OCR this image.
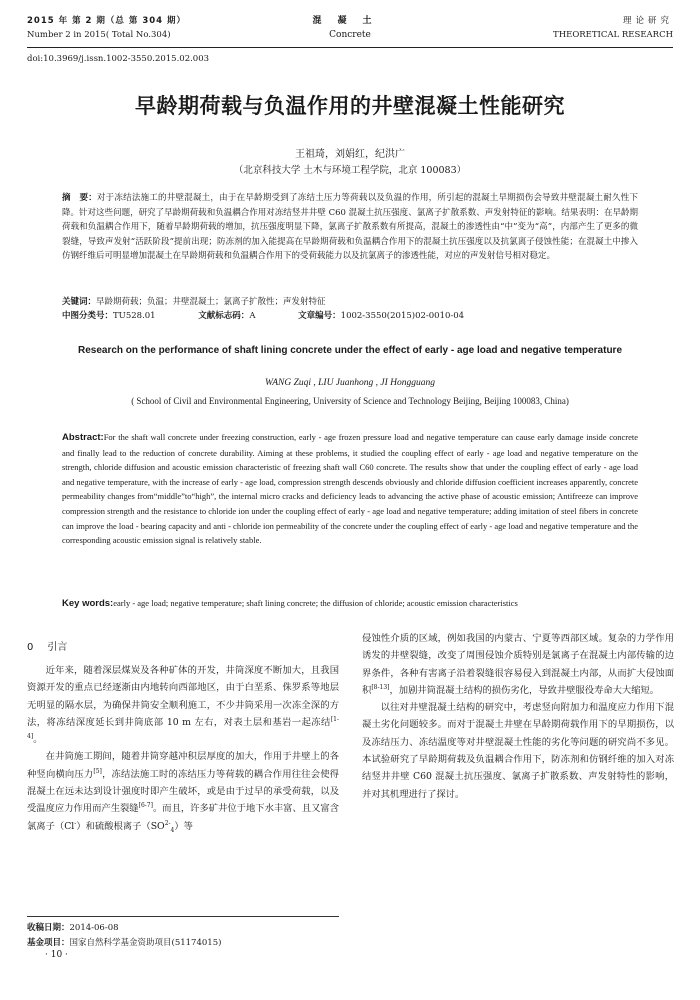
2015 年 第 2 期（总 第 304 期）
Number 2 in 2015( Total No.304)
混凝土
Concrete
理论研究
THEORETICAL RESEARCH
doi:10.3969/j.issn.1002-3550.2015.02.003
早龄期荷载与负温作用的井壁混凝土性能研究
王祖琦，刘娟红，纪洪广
（北京科技大学 土木与环境工程学院，北京 100083）
摘　要：对于冻结法施工的井壁混凝土，由于在早龄期受到了冻结土压力等荷载以及负温的作用，所引起的混凝土早期损伤会导致井壁混凝土耐久性下降。针对这些问题，研究了早龄期荷载和负温耦合作用对冻结竖井井壁 C60 混凝土抗压强度、氯离子扩散系数、声发射特征的影响。结果表明：在早龄期荷载和负温耦合作用下，随着早龄期荷载的增加，抗压强度明显下降，氯离子扩散系数有所提高，混凝土的渗透性由“中”变为“高”，内部产生了更多的微裂缝，导致声发射“活跃阶段”提前出现；防冻剂的加入能提高在早龄期荷载和负温耦合作用下的混凝土抗压强度以及抗氯离子侵蚀性能；在混凝土中掺入仿钢纤维后可明显增加混凝土在早龄期荷载和负温耦合作用下的受荷载能力以及抗氯离子的渗透性能，对应的声发射信号相对稳定。
关键词：早龄期荷载；负温；井壁混凝土；氯离子扩散性；声发射特征
中图分类号：TU528.01	文献标志码：A	文章编号：1002-3550(2015)02-0010-04
Research on the performance of shaft lining concrete under the effect of early - age load and negative temperature
WANG Zuqi , LIU Juanhong , JI Hongguang
( School of Civil and Environmental Engineering, University of Science and Technology Beijing, Beijing 100083, China)
Abstract:For the shaft wall concrete under freezing construction, early - age frozen pressure load and negative temperature can cause early damage inside concrete and finally lead to the reduction of concrete durability. Aiming at these problems, it studied the coupling effect of early - age load and negative temperature on the strength, chloride diffusion and acoustic emission characteristic of freezing shaft wall C60 concrete. The results show that under the coupling effect of early - age load and negative temperature, with the increase of early - age load, compression strength descends obviously and chloride diffusion coefficient increases apparently, concrete permeability changes from“middle”to“high”, the internal micro cracks and deficiency leads to advancing the active phase of acoustic emission; Antifreeze can improve compression strength and the resistance to chloride ion under the coupling effect of early - age load and negative temperature; adding imitation of steel fibers in concrete can improve the load - bearing capacity and anti - chloride ion permeability of the concrete under the coupling effect of early - age load and negative temperature and the corresponding acoustic emission signal is relatively stable.
Key words:early - age load; negative temperature; shaft lining concrete; the diffusion of chloride; acoustic emission characteristics
0 引言

近年来，随着深层煤炭及各种矿体的开发，井筒深度不断加大，且我国资源开发的重点已经逐渐由内地转向西部地区，由于白垩系、侏罗系等地层无明显的隔水层，为确保井筒安全顺利施工，不少井筒采用一次冻全深的方法，将冻结深度延长到井筒底部 10 m 左右，对表土层和基岩一起冻结[1-4]。

在井筒施工期间，随着井筒穿越冲积层厚度的加大，作用于井壁上的各种竖向横向压力[5]，冻结法施工时的冻结压力等荷载的耦合作用往往会使得混凝土在远未达到设计强度时即产生破坏，或是由于过早的承受荷载，以及受温度应力作用而产生裂缝[6-7]。而且，许多矿井位于地下水丰富、且又富含氯离子（Cl-）和硫酸根离子$(SO^{2-}_4)$等

侵蚀性介质的区域，例如我国的内蒙古、宁夏等西部区域。复杂的力学作用诱发的井壁裂缝，改变了周围侵蚀介质特别是氯离子在混凝土内部传输的边界条件，各种有害离子沿着裂缝很容易侵入到混凝土内部，从而扩大侵蚀面积[8-13]，加剧井筒混凝土结构的损伤劣化，导致井壁服役寿命大大缩短。

以往对井壁混凝土结构的研究中，考虑竖向附加力和温度应力作用下混凝土劣化问题较多。而对于混凝土井壁在早龄期荷载作用下的早期损伤，以及冻结压力、冻结温度等对井壁混凝土性能的劣化等问题的研究尚不多见。本试验研究了早龄期荷载及负温耦合作用下，防冻剂和仿钢纤维的加入对冻结竖井井壁 C60 混凝土抗压强度、氯离子扩散系数、声发射特性的影响，并对其机理进行了探讨。

收稿日期：2014-06-08
基金项目：国家自然科学基金资助项目(51174015)
· 10 ·
